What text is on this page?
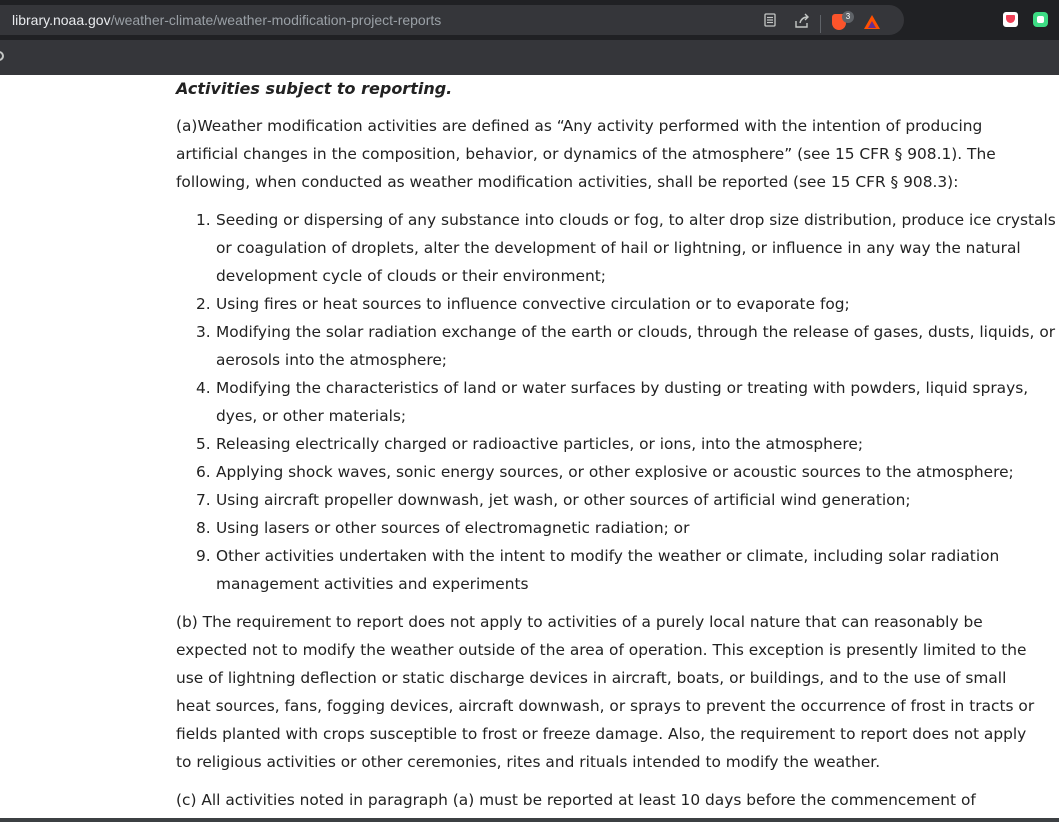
library.noaa.gov/weather-climate/weather-modification-project-reports	3
Activities subject to reporting.

(a)Weather modification activities are defined as “Any activity performed with the intention of producing artificial changes in the composition, behavior, or dynamics of the atmosphere” (see 15 CFR § 908.1). The following, when conducted as weather modification activities, shall be reported (see 15 CFR § 908.3):

1. Seeding or dispersing of any substance into clouds or fog, to alter drop size distribution, produce ice crystals or coagulation of droplets, alter the development of hail or lightning, or influence in any way the natural development cycle of clouds or their environment;
2. Using fires or heat sources to influence convective circulation or to evaporate fog;
3. Modifying the solar radiation exchange of the earth or clouds, through the release of gases, dusts, liquids, or aerosols into the atmosphere;
4. Modifying the characteristics of land or water surfaces by dusting or treating with powders, liquid sprays, dyes, or other materials;
5. Releasing electrically charged or radioactive particles, or ions, into the atmosphere;
6. Applying shock waves, sonic energy sources, or other explosive or acoustic sources to the atmosphere;
7. Using aircraft propeller downwash, jet wash, or other sources of artificial wind generation;
8. Using lasers or other sources of electromagnetic radiation; or
9. Other activities undertaken with the intent to modify the weather or climate, including solar radiation management activities and experiments

(b) The requirement to report does not apply to activities of a purely local nature that can reasonably be expected not to modify the weather outside of the area of operation. This exception is presently limited to the use of lightning deflection or static discharge devices in aircraft, boats, or buildings, and to the use of small heat sources, fans, fogging devices, aircraft downwash, or sprays to prevent the occurrence of frost in tracts or fields planted with crops susceptible to frost or freeze damage. Also, the requirement to report does not apply to religious activities or other ceremonies, rites and rituals intended to modify the weather.

(c) All activities noted in paragraph (a) must be reported at least 10 days before the commencement of
